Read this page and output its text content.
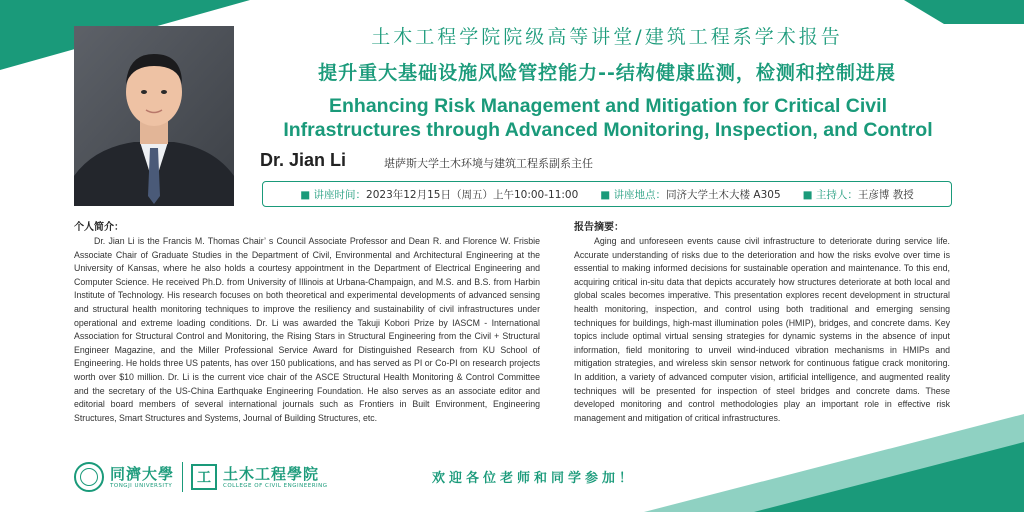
土木工程学院院级高等讲堂/建筑工程系学术报告
提升重大基础设施风险管控能力--结构健康监测，检测和控制进展
Enhancing Risk Management and Mitigation for Critical Civil Infrastructures through Advanced Monitoring, Inspection, and Control
Dr. Jian Li	堪萨斯大学土木环境与建筑工程系副系主任
■ 讲座时间：2023年12月15日（周五）上午10:00-11:00 ■ 讲座地点：同济大学土木大楼 A305 ■ 主持人：王彦博 教授
个人简介：
Dr. Jian Li is the Francis M. Thomas Chair’ s Council Associate Professor and Dean R. and Florence W. Frisbie Associate Chair of Graduate Studies in the Department of Civil, Environmental and Architectural Engineering at the University of Kansas, where he also holds a courtesy appointment in the Department of Electrical Engineering and Computer Science. He received Ph.D. from University of Illinois at Urbana-Champaign, and M.S. and B.S. from Harbin Institute of Technology. His research focuses on both theoretical and experimental developments of advanced sensing and structural health monitoring techniques to improve the resiliency and sustainability of civil infrastructures under operational and extreme loading conditions. Dr. Li was awarded the Takuji Kobori Prize by IASCM - International Association for Structural Control and Monitoring, the Rising Stars in Structural Engineering from the Civil + Structural Engineer Magazine, and the Miller Professional Service Award for Distinguished Research from KU School of Engineering. He holds three US patents, has over 150 publications, and has served as PI or Co-PI on research projects worth over $10 million. Dr. Li is the current vice chair of the ASCE Structural Health Monitoring & Control Committee and the secretary of the US-China Earthquake Engineering Foundation. He also serves as an associate editor and editorial board members of several international journals such as Frontiers in Built Environment, Engineering Structures, Smart Structures and Systems, Journal of Building Structures, etc.
报告摘要：
Aging and unforeseen events cause civil infrastructure to deteriorate during service life. Accurate understanding of risks due to the deterioration and how the risks evolve over time is essential to making informed decisions for sustainable operation and maintenance. To this end, acquiring critical in-situ data that depicts accurately how structures deteriorate at both local and global scales becomes imperative. This presentation explores recent development in structural health monitoring, inspection, and control using both traditional and emerging sensing techniques for buildings, high-mast illumination poles (HMIP), bridges, and concrete dams. Key topics include optimal virtual sensing strategies for dynamic systems in the absence of input information, field monitoring to unveil wind-induced vibration mechanisms in HMIPs and mitigation strategies, and wireless skin sensor network for continuous fatigue crack monitoring. In addition, a variety of advanced computer vision, artificial intelligence, and augmented reality techniques will be presented for inspection of steel bridges and concrete dams. These developed monitoring and control methodologies play an important role in effective risk management and mitigation of critical infrastructures.
同濟大學
TONGJI UNIVERSITY	工 土木工程學院
COLLEGE OF CIVIL ENGINEERING	欢迎各位老师和同学参加！
